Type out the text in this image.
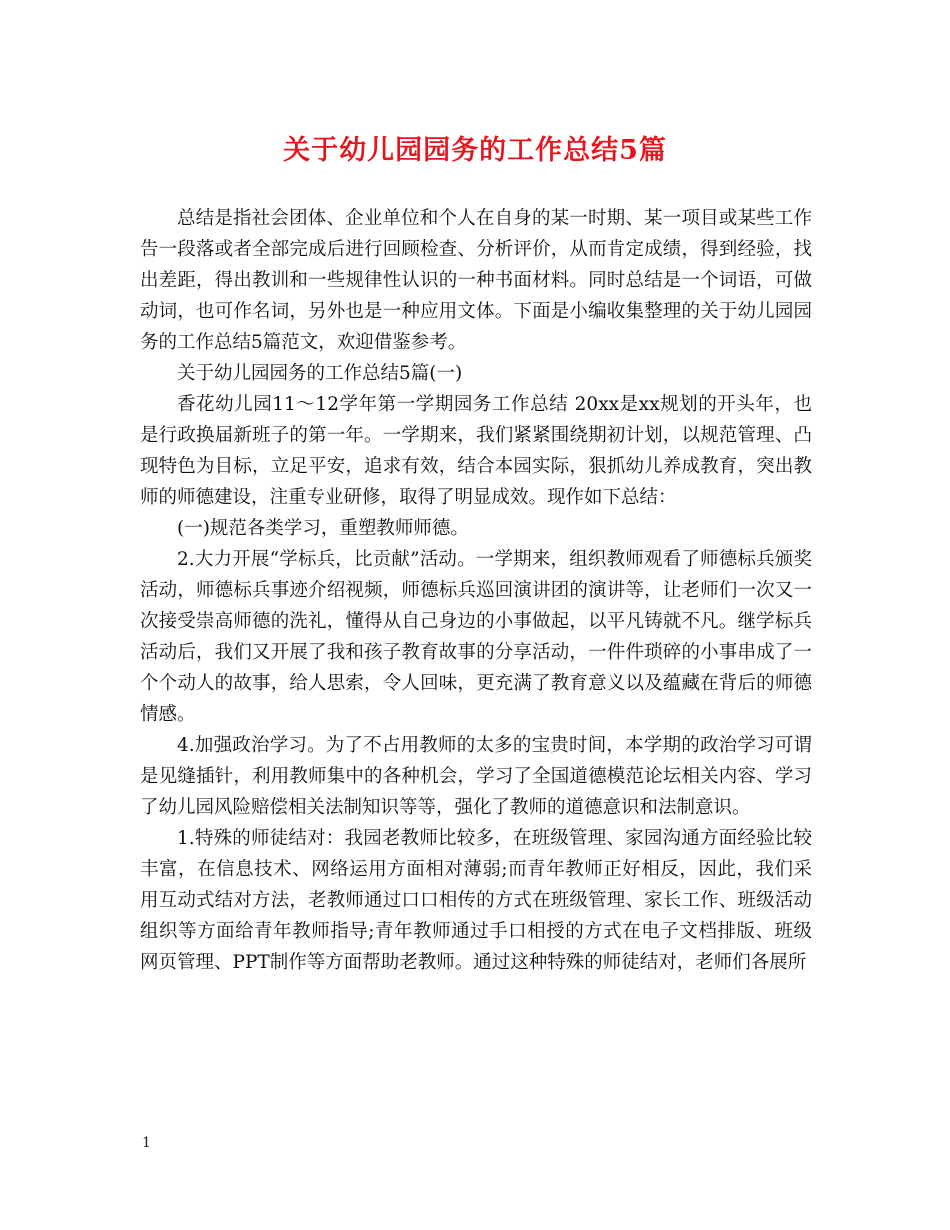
关于幼儿园园务的工作总结5篇

总结是指社会团体、企业单位和个人在自身的某一时期、某一项目或某些工作告一段落或者全部完成后进行回顾检查、分析评价，从而肯定成绩，得到经验，找出差距，得出教训和一些规律性认识的一种书面材料。同时总结是一个词语，可做动词，也可作名词，另外也是一种应用文体。下面是小编收集整理的关于幼儿园园务的工作总结5篇范文，欢迎借鉴参考。

关于幼儿园园务的工作总结5篇(一)

香花幼儿园11～12学年第一学期园务工作总结 20xx是xx规划的开头年，也是行政换届新班子的第一年。一学期来，我们紧紧围绕期初计划，以规范管理、凸现特色为目标，立足平安，追求有效，结合本园实际，狠抓幼儿养成教育，突出教师的师德建设，注重专业研修，取得了明显成效。现作如下总结：

(一)规范各类学习，重塑教师师德。

2.大力开展“学标兵，比贡献”活动。一学期来，组织教师观看了师德标兵颁奖活动，师德标兵事迹介绍视频，师德标兵巡回演讲团的演讲等，让老师们一次又一次接受崇高师德的洗礼，懂得从自己身边的小事做起，以平凡铸就不凡。继学标兵活动后，我们又开展了我和孩子教育故事的分享活动，一件件琐碎的小事串成了一个个动人的故事，给人思索，令人回味，更充满了教育意义以及蕴藏在背后的师德情感。

4.加强政治学习。为了不占用教师的太多的宝贵时间，本学期的政治学习可谓是见缝插针，利用教师集中的各种机会，学习了全国道德模范论坛相关内容、学习了幼儿园风险赔偿相关法制知识等等，强化了教师的道德意识和法制意识。

1.特殊的师徒结对：我园老教师比较多，在班级管理、家园沟通方面经验比较丰富，在信息技术、网络运用方面相对薄弱;而青年教师正好相反，因此，我们采用互动式结对方法，老教师通过口口相传的方式在班级管理、家长工作、班级活动组织等方面给青年教师指导;青年教师通过手口相授的方式在电子文档排版、班级网页管理、PPT制作等方面帮助老教师。通过这种特殊的师徒结对，老师们各展所

1
